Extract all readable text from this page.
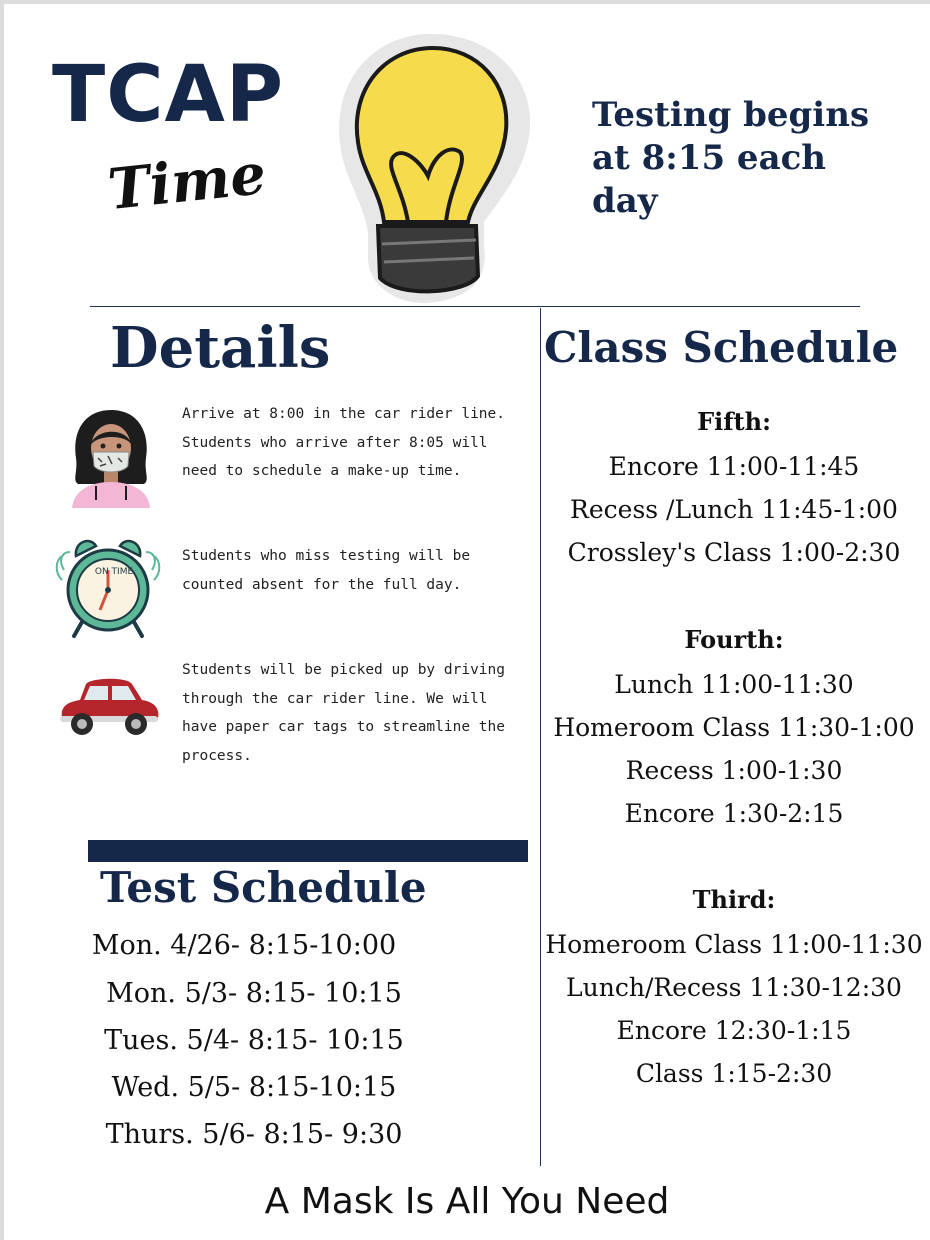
TCAP
Time
Testing begins at 8:15 each day
Details
Arrive at 8:00 in the car rider line. Students who arrive after 8:05 will need to schedule a make-up time.
ON TIME
Students who miss testing will be counted absent for the full day.
Students will be picked up by driving through the car rider line. We will have paper car tags to streamline the process.
Test Schedule
Mon. 4/26- 8:15-10:00
Mon. 5/3- 8:15- 10:15
Tues. 5/4- 8:15- 10:15
Wed. 5/5- 8:15-10:15
Thurs. 5/6- 8:15- 9:30
Class Schedule
Fifth:
Encore 11:00-11:45
Recess /Lunch 11:45-1:00
Crossley's Class 1:00-2:30
Fourth:
Lunch 11:00-11:30
Homeroom Class 11:30-1:00
Recess 1:00-1:30
Encore 1:30-2:15
Third:
Homeroom Class 11:00-11:30
Lunch/Recess 11:30-12:30
Encore 12:30-1:15
Class 1:15-2:30
A Mask Is All You Need
